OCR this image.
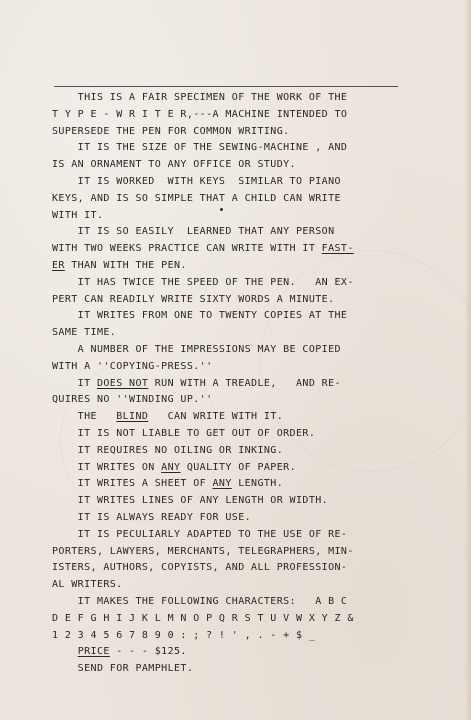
THIS IS A FAIR SPECIMEN OF THE WORK OF THE
T Y P E - W R I T E R,---A MACHINE INTENDED TO
SUPERSEDE THE PEN FOR COMMON WRITING.
IT IS THE SIZE OF THE SEWING-MACHINE , AND
IS AN ORNAMENT TO ANY OFFICE OR STUDY.
IT IS WORKED  WITH KEYS  SIMILAR TO PIANO
KEYS, AND IS SO SIMPLE THAT A CHILD CAN WRITE
WITH IT.
IT IS SO EASILY  LEARNED THAT ANY PERSON
WITH TWO WEEKS PRACTICE CAN WRITE WITH IT FAST-
ER THAN WITH THE PEN.
IT HAS TWICE THE SPEED OF THE PEN.   AN EX-
PERT CAN READILY WRITE SIXTY WORDS A MINUTE.
IT WRITES FROM ONE TO TWENTY COPIES AT THE
SAME TIME.
A NUMBER OF THE IMPRESSIONS MAY BE COPIED
WITH A ''COPYING-PRESS.''
IT DOES NOT RUN WITH A TREADLE,   AND RE-
QUIRES NO ''WINDING UP.''
THE   BLIND   CAN WRITE WITH IT.
IT IS NOT LIABLE TO GET OUT OF ORDER.
IT REQUIRES NO OILING OR INKING.
IT WRITES ON ANY QUALITY OF PAPER.
IT WRITES A SHEET OF ANY LENGTH.
IT WRITES LINES OF ANY LENGTH OR WIDTH.
IT IS ALWAYS READY FOR USE.
IT IS PECULIARLY ADAPTED TO THE USE OF RE-
PORTERS, LAWYERS, MERCHANTS, TELEGRAPHERS, MIN-
ISTERS, AUTHORS, COPYISTS, AND ALL PROFESSION-
AL WRITERS.
IT MAKES THE FOLLOWING CHARACTERS:   A B C
D E F G H I J K L M N O P Q R S T U V W X Y Z &
1 2 3 4 5 6 7 8 9 0 : ; ? ! ' , . - + $ _
PRICE - - - $125.
SEND FOR PAMPHLET.
